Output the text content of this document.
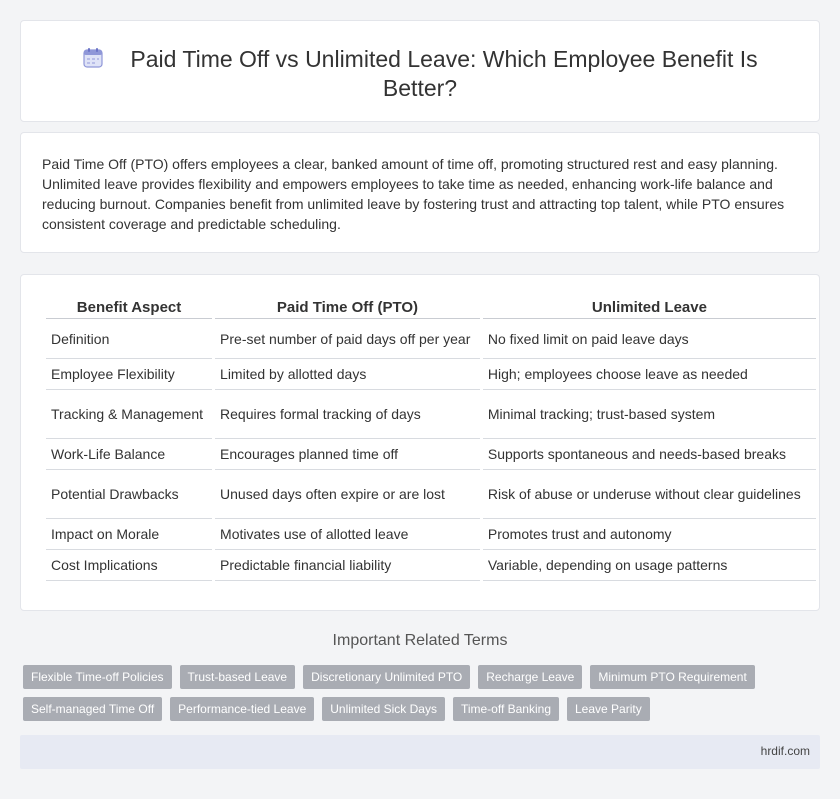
Paid Time Off vs Unlimited Leave: Which Employee Benefit Is Better?

Paid Time Off (PTO) offers employees a clear, banked amount of time off, promoting structured rest and easy planning. Unlimited leave provides flexibility and empowers employees to take time as needed, enhancing work-life balance and reducing burnout. Companies benefit from unlimited leave by fostering trust and attracting top talent, while PTO ensures consistent coverage and predictable scheduling.

Benefit Aspect	Paid Time Off (PTO)	Unlimited Leave
Definition	Pre-set number of paid days off per year	No fixed limit on paid leave days
Employee Flexibility	Limited by allotted days	High; employees choose leave as needed
Tracking & Management	Requires formal tracking of days	Minimal tracking; trust-based system
Work-Life Balance	Encourages planned time off	Supports spontaneous and needs-based breaks
Potential Drawbacks	Unused days often expire or are lost	Risk of abuse or underuse without clear guidelines
Impact on Morale	Motivates use of allotted leave	Promotes trust and autonomy
Cost Implications	Predictable financial liability	Variable, depending on usage patterns
Important Related Terms
Flexible Time-off Policies	Trust-based Leave	Discretionary Unlimited PTO	Recharge Leave	Minimum PTO Requirement
Self-managed Time Off	Performance-tied Leave	Unlimited Sick Days	Time-off Banking	Leave Parity
hrdif.com
